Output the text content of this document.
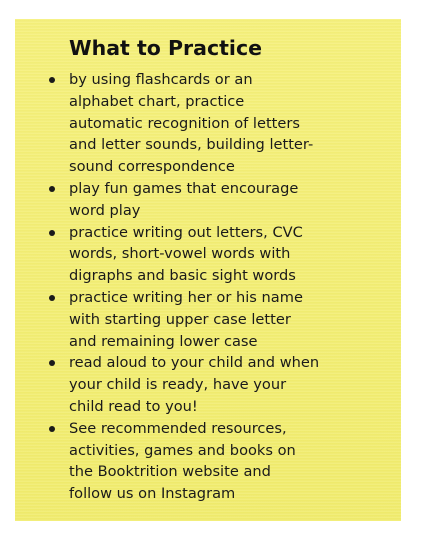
What to Practice
by using flashcards or an
alphabet chart, practice
automatic recognition of letters
and letter sounds, building letter-
sound correspondence
play fun games that encourage
word play
practice writing out letters, CVC
words, short-vowel words with
digraphs and basic sight words
practice writing her or his name
with starting upper case letter
and remaining lower case
read aloud to your child and when
your child is ready, have your
child read to you!
See recommended resources,
activities, games and books on
the Booktrition website and
follow us on Instagram
